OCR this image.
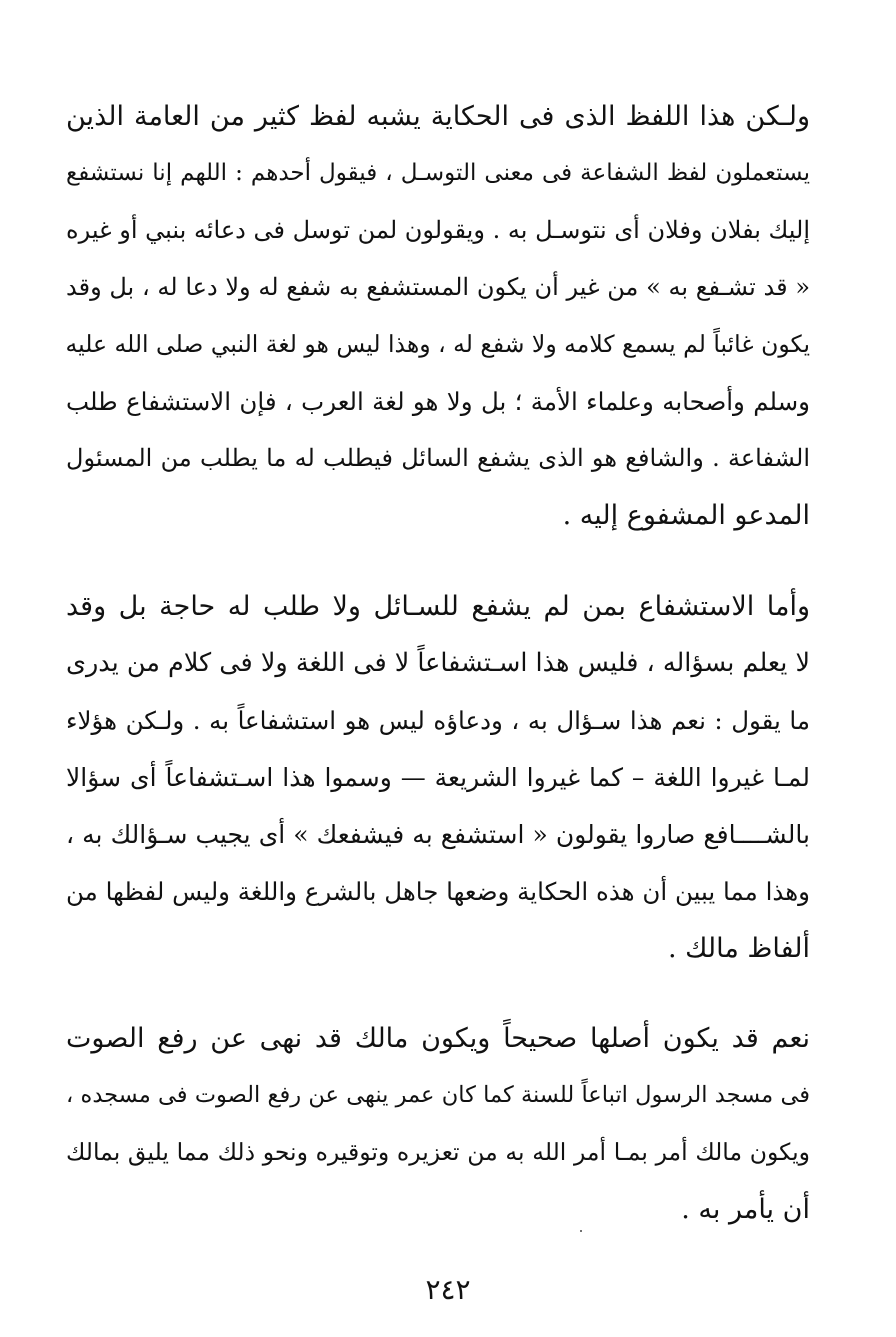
ولـكن هذا اللفظ الذى فى الحكاية يشبه لفظ كثير من العامة الذين
يستعملون لفظ الشفاعة فى معنى التوسـل ، فيقول أحدهم : اللهم إنا نستشفع
إليك بفلان وفلان أى نتوسـل به . ويقولون لمن توسل فى دعائه بنبي أو غيره
« قد تشـفع به » من غير أن يكون المستشفع به شفع له ولا دعا له ، بل وقد
يكون غائباً لم يسمع كلامه ولا شفع له ، وهذا ليس هو لغة النبي صلى الله عليه
وسلم وأصحابه وعلماء الأمة ؛ بل ولا هو لغة العرب ، فإن الاستشفاع طلب
الشفاعة . والشافع هو الذى يشفع السائل فيطلب له ما يطلب من المسئول
المدعو المشفوع إليه .
وأما الاستشفاع بمن لم يشفع للسـائل ولا طلب له حاجة بل وقد
لا يعلم بسؤاله ، فليس هذا اسـتشفاعاً لا فى اللغة ولا فى كلام من يدرى
ما يقول : نعم هذا سـؤال به ، ودعاؤه ليس هو استشفاعاً به . ولـكن هؤلاء
لمـا غيروا اللغة – كما غيروا الشريعة — وسموا هذا اسـتشفاعاً أى سؤالا
بالشــــافع صاروا يقولون « استشفع به فيشفعك » أى يجيب سـؤالك به ،
وهذا مما يبين أن هذه الحكاية وضعها جاهل بالشرع واللغة وليس لفظها من
ألفاظ مالك .
نعم قد يكون أصلها صحيحاً ويكون مالك قد نهى عن رفع الصوت
فى مسجد الرسول اتباعاً للسنة كما كان عمر ينهى عن رفع الصوت فى مسجده ،
ويكون مالك أمر بمـا أمر الله به من تعزيره وتوقيره ونحو ذلك مما يليق بمالك
أن يأمر به .
٢٤٢
